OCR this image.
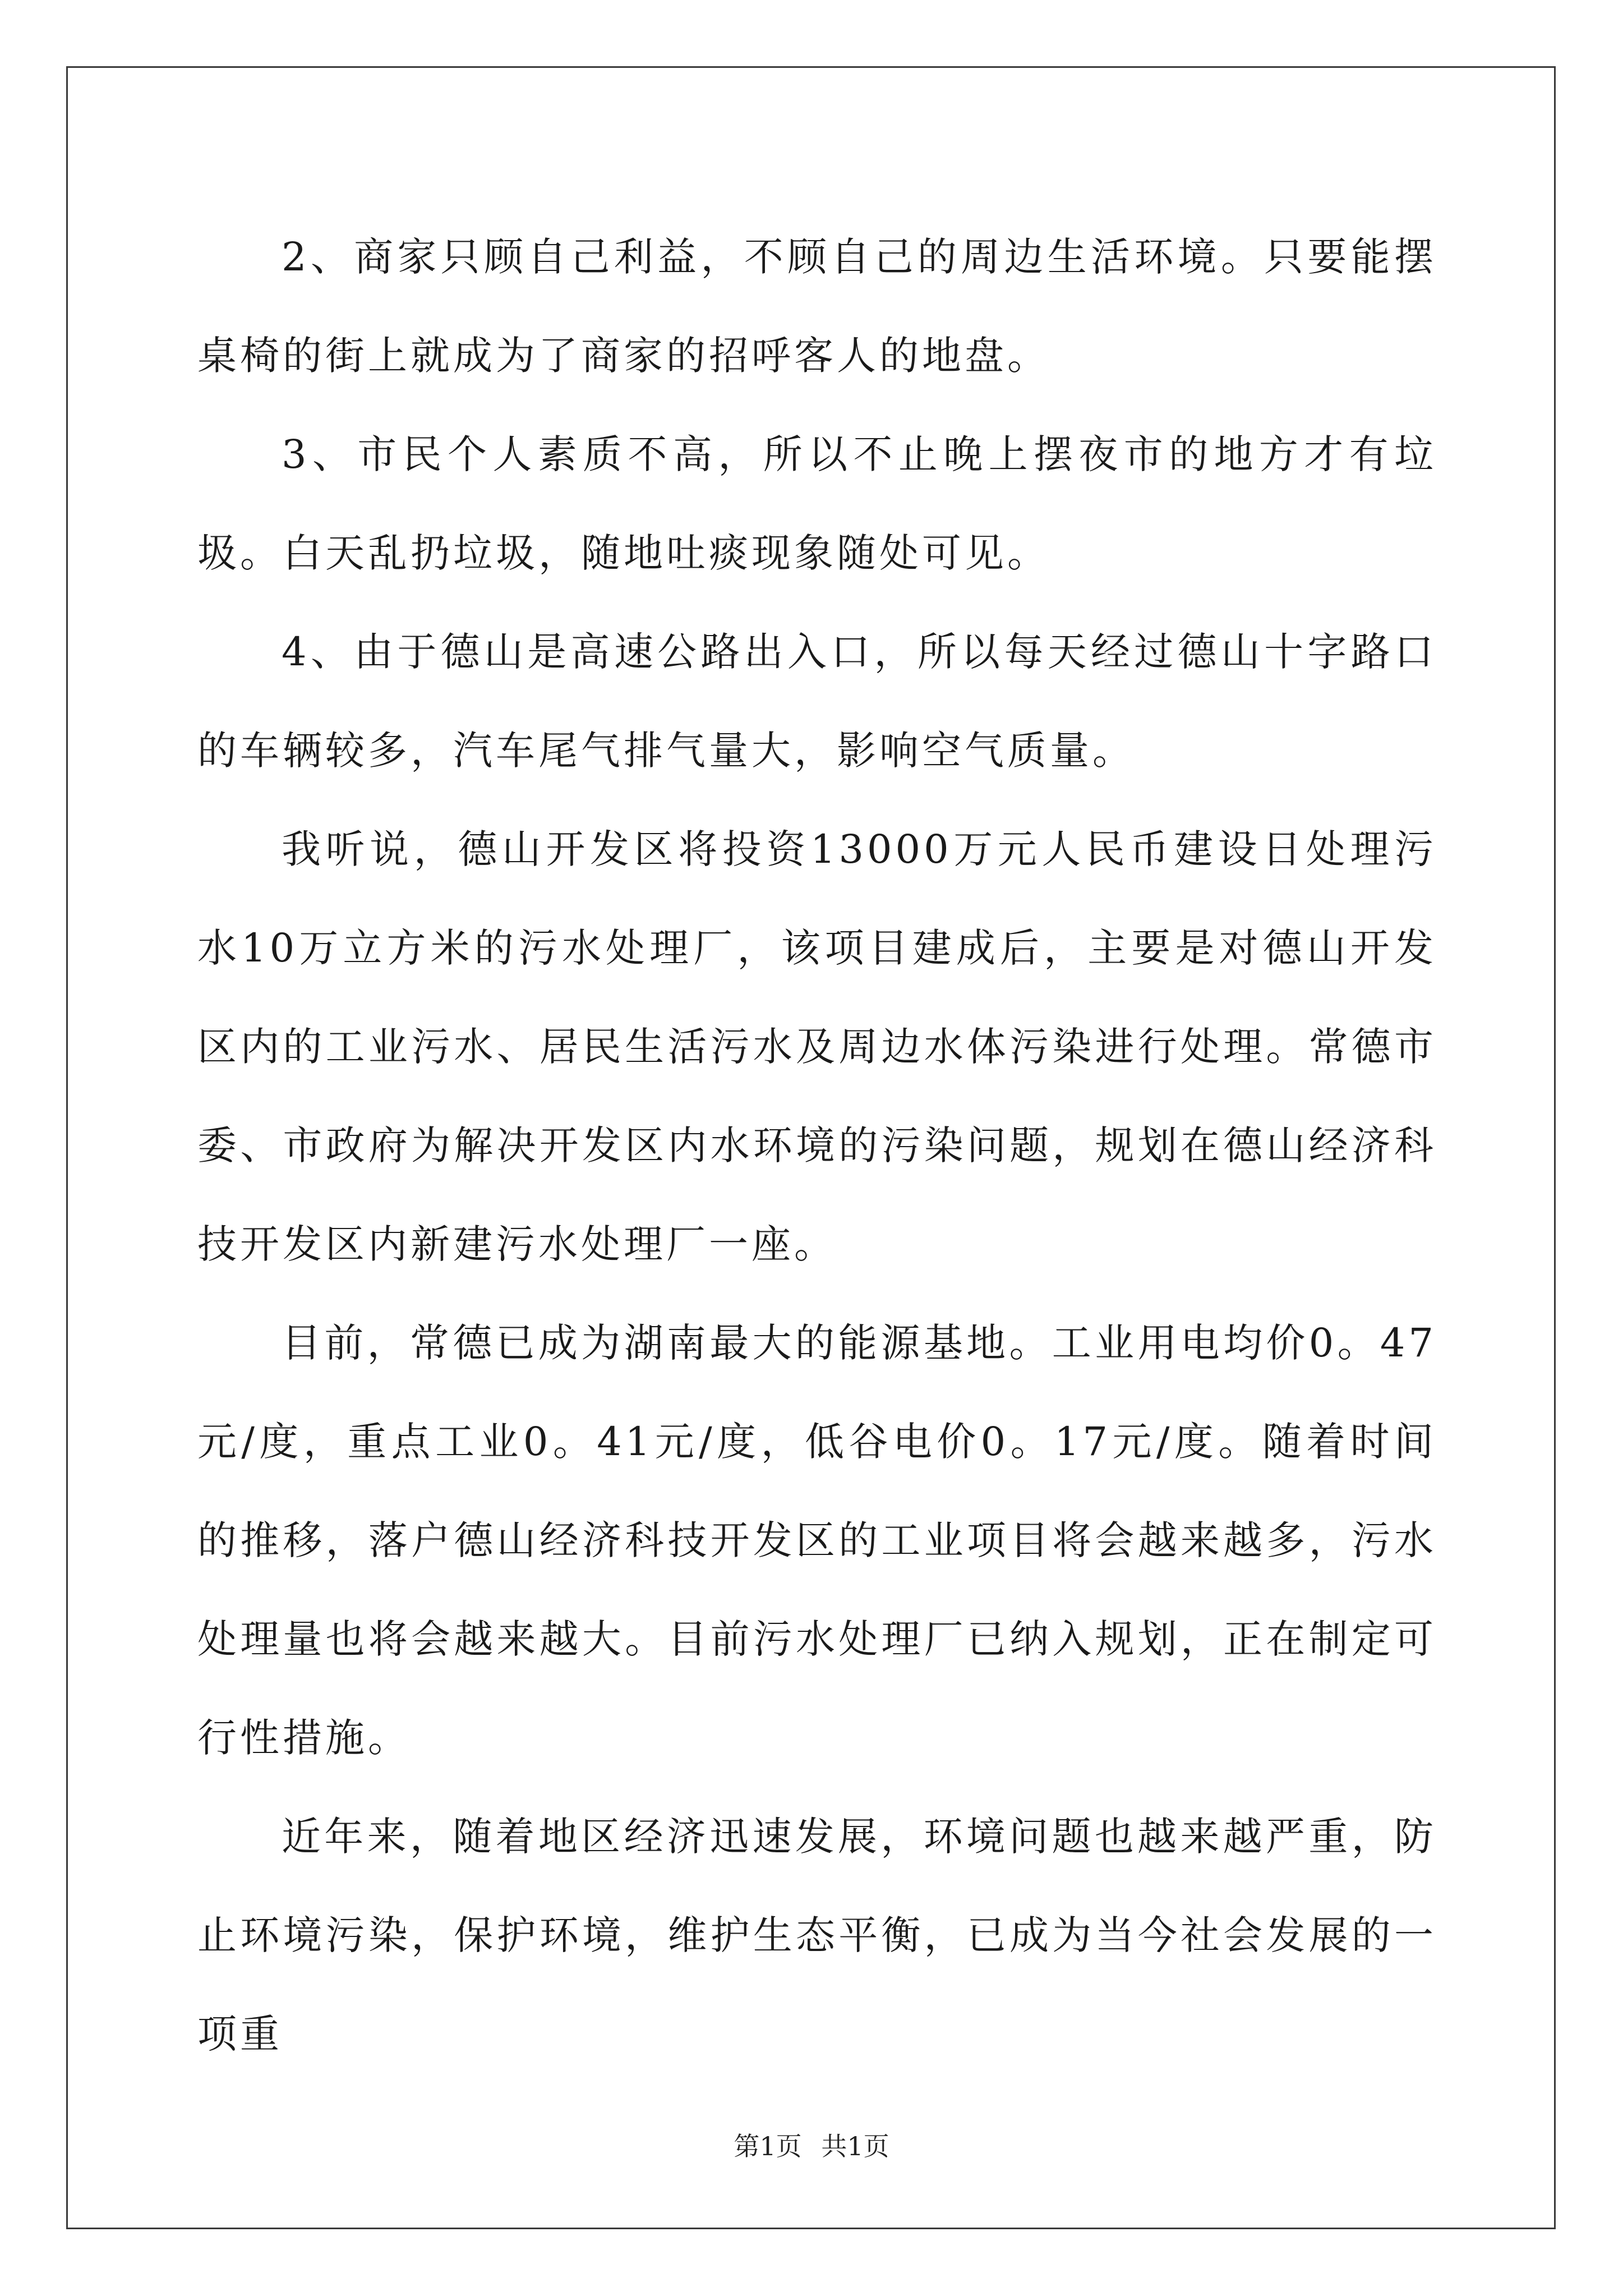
2、商家只顾自己利益，不顾自己的周边生活环境。只要能摆桌椅的街上就成为了商家的招呼客人的地盘。

3、市民个人素质不高，所以不止晚上摆夜市的地方才有垃圾。白天乱扔垃圾，随地吐痰现象随处可见。

4、由于德山是高速公路出入口，所以每天经过德山十字路口的车辆较多，汽车尾气排气量大，影响空气质量。

我听说，德山开发区将投资13000万元人民币建设日处理污水10万立方米的污水处理厂，该项目建成后，主要是对德山开发区内的工业污水、居民生活污水及周边水体污染进行处理。常德市委、市政府为解决开发区内水环境的污染问题，规划在德山经济科技开发区内新建污水处理厂一座。

目前，常德已成为湖南最大的能源基地。工业用电均价0。47元/度，重点工业0。41元/度，低谷电价0。17元/度。随着时间的推移，落户德山经济科技开发区的工业项目将会越来越多，污水处理量也将会越来越大。目前污水处理厂已纳入规划，正在制定可行性措施。

近年来，随着地区经济迅速发展，环境问题也越来越严重，防止环境污染，保护环境，维护生态平衡，已成为当今社会发展的一项重

第1页 共1页
